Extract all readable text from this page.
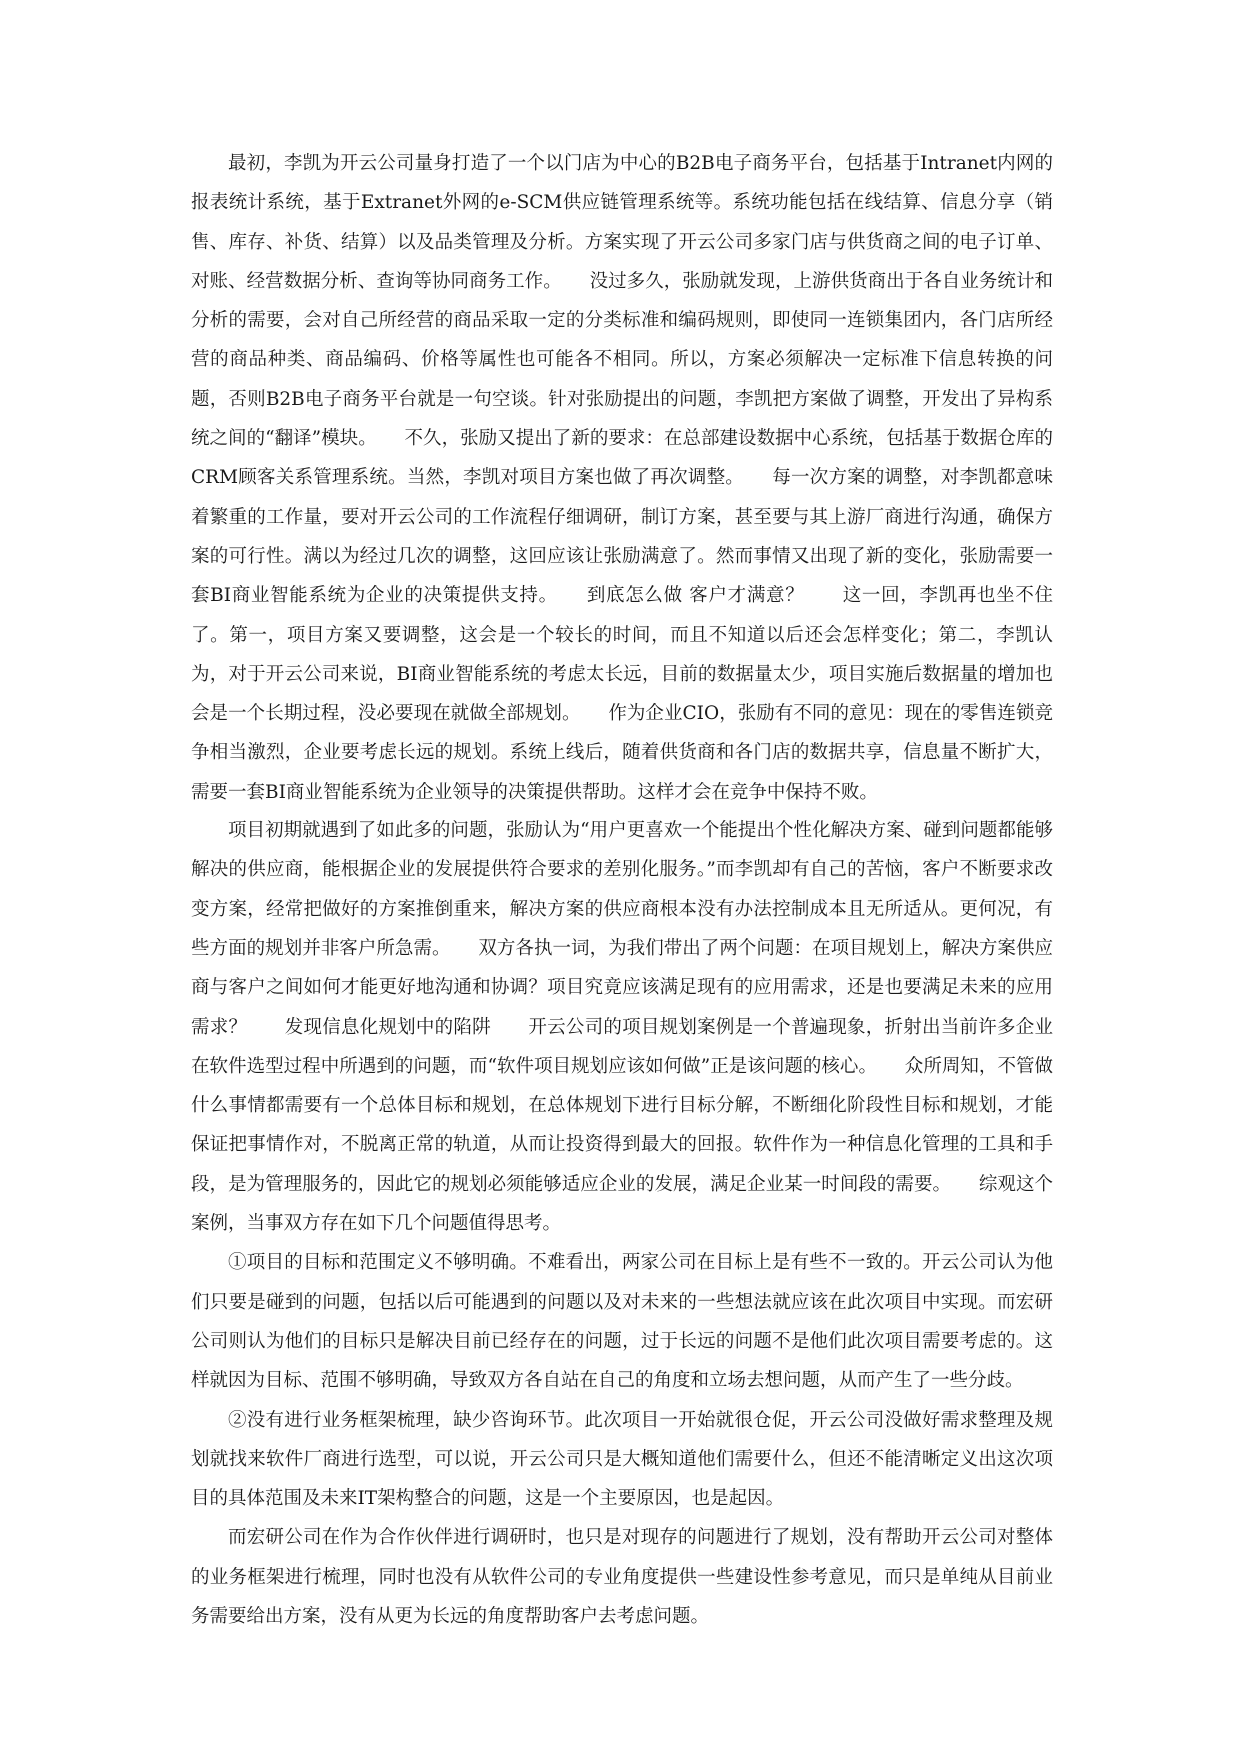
最初，李凯为开云公司量身打造了一个以门店为中心的B2B电子商务平台，包括基于Intranet内网的报表统计系统，基于Extranet外网的e-SCM供应链管理系统等。系统功能包括在线结算、信息分享（销售、库存、补货、结算）以及品类管理及分析。方案实现了开云公司多家门店与供货商之间的电子订单、对账、经营数据分析、查询等协同商务工作。　　没过多久，张励就发现，上游供货商出于各自业务统计和分析的需要，会对自己所经营的商品采取一定的分类标准和编码规则，即使同一连锁集团内，各门店所经营的商品种类、商品编码、价格等属性也可能各不相同。所以，方案必须解决一定标准下信息转换的问题，否则B2B电子商务平台就是一句空谈。针对张励提出的问题，李凯把方案做了调整，开发出了异构系统之间的“翻译”模块。　　不久，张励又提出了新的要求：在总部建设数据中心系统，包括基于数据仓库的CRM顾客关系管理系统。当然，李凯对项目方案也做了再次调整。　　每一次方案的调整，对李凯都意味着繁重的工作量，要对开云公司的工作流程仔细调研，制订方案，甚至要与其上游厂商进行沟通，确保方案的可行性。满以为经过几次的调整，这回应该让张励满意了。然而事情又出现了新的变化，张励需要一套BI商业智能系统为企业的决策提供支持。　　到底怎么做 客户才满意？　　这一回，李凯再也坐不住了。第一，项目方案又要调整，这会是一个较长的时间，而且不知道以后还会怎样变化；第二，李凯认为，对于开云公司来说，BI商业智能系统的考虑太长远，目前的数据量太少，项目实施后数据量的增加也会是一个长期过程，没必要现在就做全部规划。　　作为企业CIO，张励有不同的意见：现在的零售连锁竞争相当激烈，企业要考虑长远的规划。系统上线后，随着供货商和各门店的数据共享，信息量不断扩大，需要一套BI商业智能系统为企业领导的决策提供帮助。这样才会在竞争中保持不败。

项目初期就遇到了如此多的问题，张励认为“用户更喜欢一个能提出个性化解决方案、碰到问题都能够解决的供应商，能根据企业的发展提供符合要求的差别化服务。”而李凯却有自己的苦恼，客户不断要求改变方案，经常把做好的方案推倒重来，解决方案的供应商根本没有办法控制成本且无所适从。更何况，有些方面的规划并非客户所急需。　　双方各执一词，为我们带出了两个问题：在项目规划上，解决方案供应商与客户之间如何才能更好地沟通和协调？项目究竟应该满足现有的应用需求，还是也要满足未来的应用需求？　　发现信息化规划中的陷阱　　开云公司的项目规划案例是一个普遍现象，折射出当前许多企业在软件选型过程中所遇到的问题，而“软件项目规划应该如何做”正是该问题的核心。　　众所周知，不管做什么事情都需要有一个总体目标和规划，在总体规划下进行目标分解，不断细化阶段性目标和规划，才能保证把事情作对，不脱离正常的轨道，从而让投资得到最大的回报。软件作为一种信息化管理的工具和手段，是为管理服务的，因此它的规划必须能够适应企业的发展，满足企业某一时间段的需要。　　综观这个案例，当事双方存在如下几个问题值得思考。

①项目的目标和范围定义不够明确。不难看出，两家公司在目标上是有些不一致的。开云公司认为他们只要是碰到的问题，包括以后可能遇到的问题以及对未来的一些想法就应该在此次项目中实现。而宏研公司则认为他们的目标只是解决目前已经存在的问题，过于长远的问题不是他们此次项目需要考虑的。这样就因为目标、范围不够明确，导致双方各自站在自己的角度和立场去想问题，从而产生了一些分歧。

②没有进行业务框架梳理，缺少咨询环节。此次项目一开始就很仓促，开云公司没做好需求整理及规划就找来软件厂商进行选型，可以说，开云公司只是大概知道他们需要什么，但还不能清晰定义出这次项目的具体范围及未来IT架构整合的问题，这是一个主要原因，也是起因。

而宏研公司在作为合作伙伴进行调研时，也只是对现存的问题进行了规划，没有帮助开云公司对整体的业务框架进行梳理，同时也没有从软件公司的专业角度提供一些建设性参考意见，而只是单纯从目前业务需要给出方案，没有从更为长远的角度帮助客户去考虑问题。
